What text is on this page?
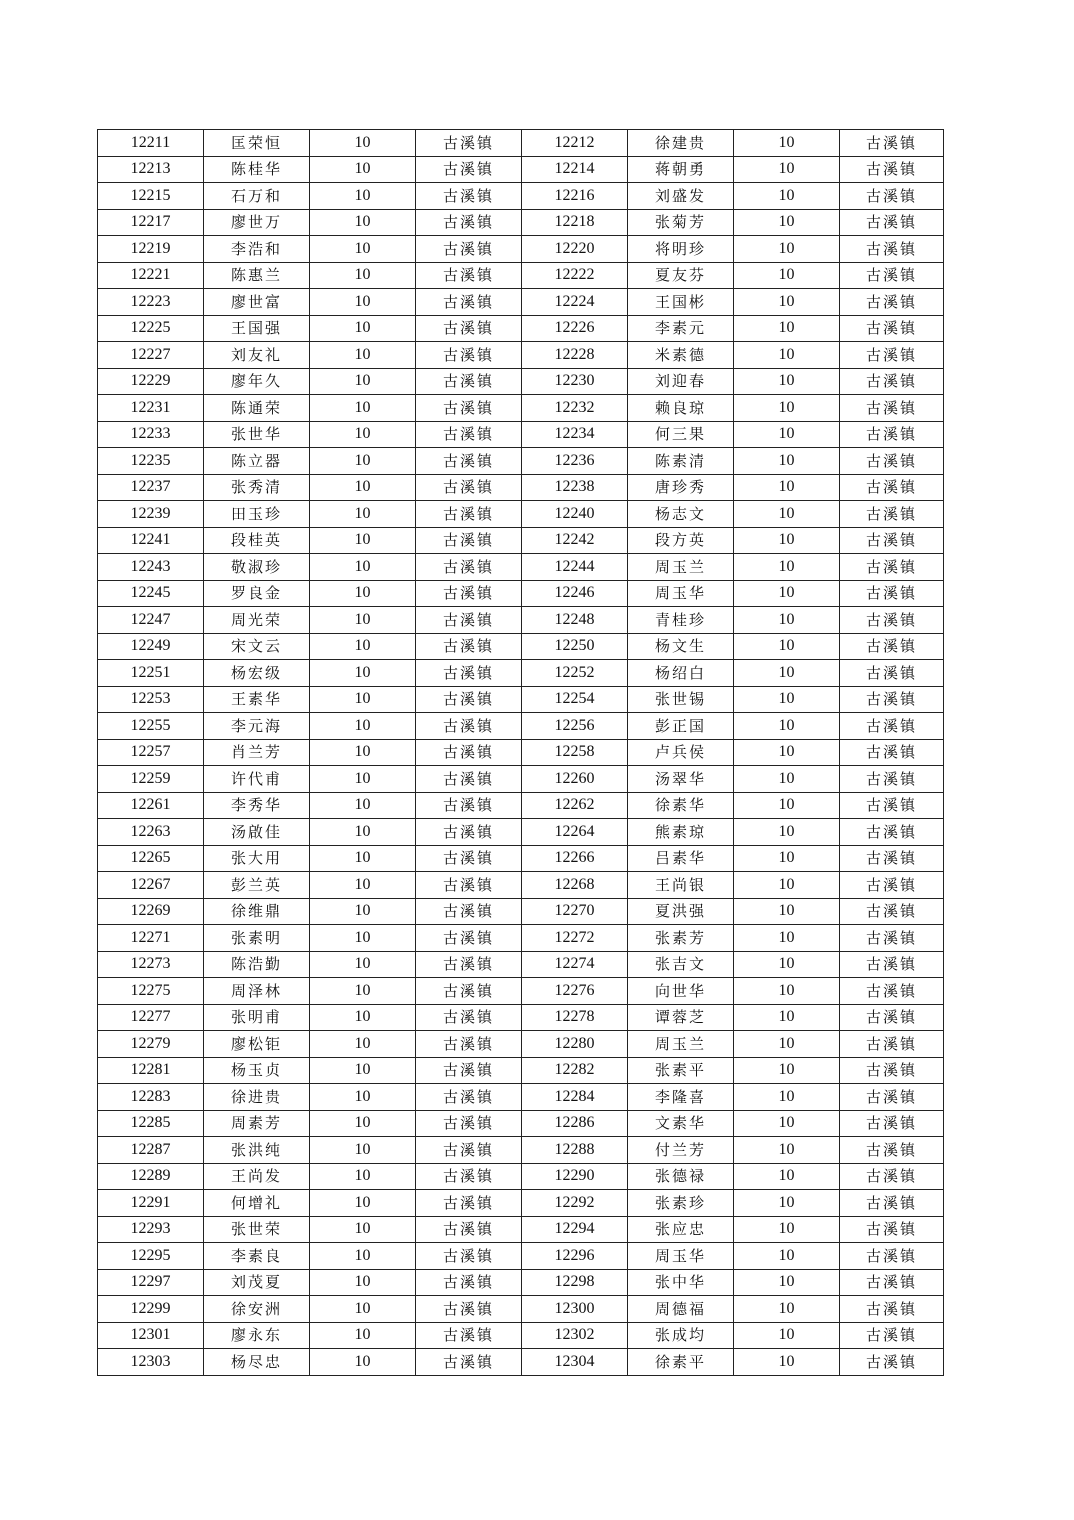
12211	匡荣恒	10	古溪镇	12212	徐建贵	10	古溪镇
12213	陈桂华	10	古溪镇	12214	蒋朝勇	10	古溪镇
12215	石万和	10	古溪镇	12216	刘盛发	10	古溪镇
12217	廖世万	10	古溪镇	12218	张菊芳	10	古溪镇
12219	李浩和	10	古溪镇	12220	将明珍	10	古溪镇
12221	陈惠兰	10	古溪镇	12222	夏友芬	10	古溪镇
12223	廖世富	10	古溪镇	12224	王国彬	10	古溪镇
12225	王国强	10	古溪镇	12226	李素元	10	古溪镇
12227	刘友礼	10	古溪镇	12228	米素德	10	古溪镇
12229	廖年久	10	古溪镇	12230	刘迎春	10	古溪镇
12231	陈通荣	10	古溪镇	12232	赖良琼	10	古溪镇
12233	张世华	10	古溪镇	12234	何三果	10	古溪镇
12235	陈立器	10	古溪镇	12236	陈素清	10	古溪镇
12237	张秀清	10	古溪镇	12238	唐珍秀	10	古溪镇
12239	田玉珍	10	古溪镇	12240	杨志文	10	古溪镇
12241	段桂英	10	古溪镇	12242	段方英	10	古溪镇
12243	敬淑珍	10	古溪镇	12244	周玉兰	10	古溪镇
12245	罗良金	10	古溪镇	12246	周玉华	10	古溪镇
12247	周光荣	10	古溪镇	12248	青桂珍	10	古溪镇
12249	宋文云	10	古溪镇	12250	杨文生	10	古溪镇
12251	杨宏级	10	古溪镇	12252	杨绍白	10	古溪镇
12253	王素华	10	古溪镇	12254	张世锡	10	古溪镇
12255	李元海	10	古溪镇	12256	彭正国	10	古溪镇
12257	肖兰芳	10	古溪镇	12258	卢兵侯	10	古溪镇
12259	许代甫	10	古溪镇	12260	汤翠华	10	古溪镇
12261	李秀华	10	古溪镇	12262	徐素华	10	古溪镇
12263	汤啟佳	10	古溪镇	12264	熊素琼	10	古溪镇
12265	张大用	10	古溪镇	12266	吕素华	10	古溪镇
12267	彭兰英	10	古溪镇	12268	王尚银	10	古溪镇
12269	徐维鼎	10	古溪镇	12270	夏洪强	10	古溪镇
12271	张素明	10	古溪镇	12272	张素芳	10	古溪镇
12273	陈浩勤	10	古溪镇	12274	张吉文	10	古溪镇
12275	周泽林	10	古溪镇	12276	向世华	10	古溪镇
12277	张明甫	10	古溪镇	12278	谭蓉芝	10	古溪镇
12279	廖松钜	10	古溪镇	12280	周玉兰	10	古溪镇
12281	杨玉贞	10	古溪镇	12282	张素平	10	古溪镇
12283	徐进贵	10	古溪镇	12284	李隆喜	10	古溪镇
12285	周素芳	10	古溪镇	12286	文素华	10	古溪镇
12287	张洪纯	10	古溪镇	12288	付兰芳	10	古溪镇
12289	王尚发	10	古溪镇	12290	张德禄	10	古溪镇
12291	何增礼	10	古溪镇	12292	张素珍	10	古溪镇
12293	张世荣	10	古溪镇	12294	张应忠	10	古溪镇
12295	李素良	10	古溪镇	12296	周玉华	10	古溪镇
12297	刘茂夏	10	古溪镇	12298	张中华	10	古溪镇
12299	徐安洲	10	古溪镇	12300	周德福	10	古溪镇
12301	廖永东	10	古溪镇	12302	张成均	10	古溪镇
12303	杨尽忠	10	古溪镇	12304	徐素平	10	古溪镇
